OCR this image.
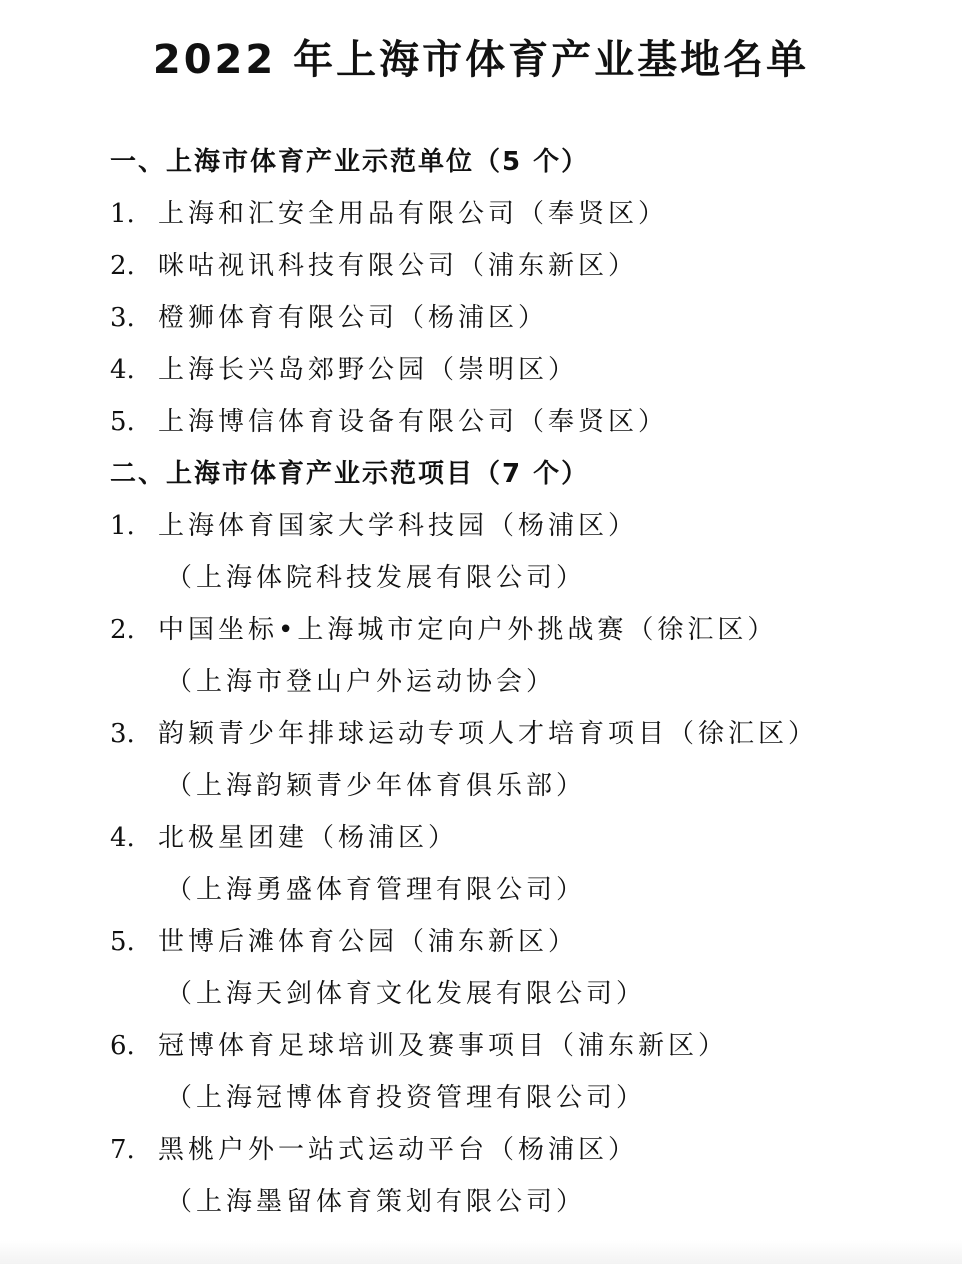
2022 年上海市体育产业基地名单
一、上海市体育产业示范单位（5 个）
1. 上海和汇安全用品有限公司（奉贤区）
2. 咪咕视讯科技有限公司（浦东新区）
3. 橙狮体育有限公司（杨浦区）
4. 上海长兴岛郊野公园（崇明区）
5. 上海博信体育设备有限公司（奉贤区）
二、上海市体育产业示范项目（7 个）
1. 上海体育国家大学科技园（杨浦区）
（上海体院科技发展有限公司）
2. 中国坐标•上海城市定向户外挑战赛（徐汇区）
（上海市登山户外运动协会）
3. 韵颖青少年排球运动专项人才培育项目（徐汇区）
（上海韵颖青少年体育俱乐部）
4. 北极星团建（杨浦区）
（上海勇盛体育管理有限公司）
5. 世博后滩体育公园（浦东新区）
（上海天剑体育文化发展有限公司）
6. 冠博体育足球培训及赛事项目（浦东新区）
（上海冠博体育投资管理有限公司）
7. 黑桃户外一站式运动平台（杨浦区）
（上海墨留体育策划有限公司）
